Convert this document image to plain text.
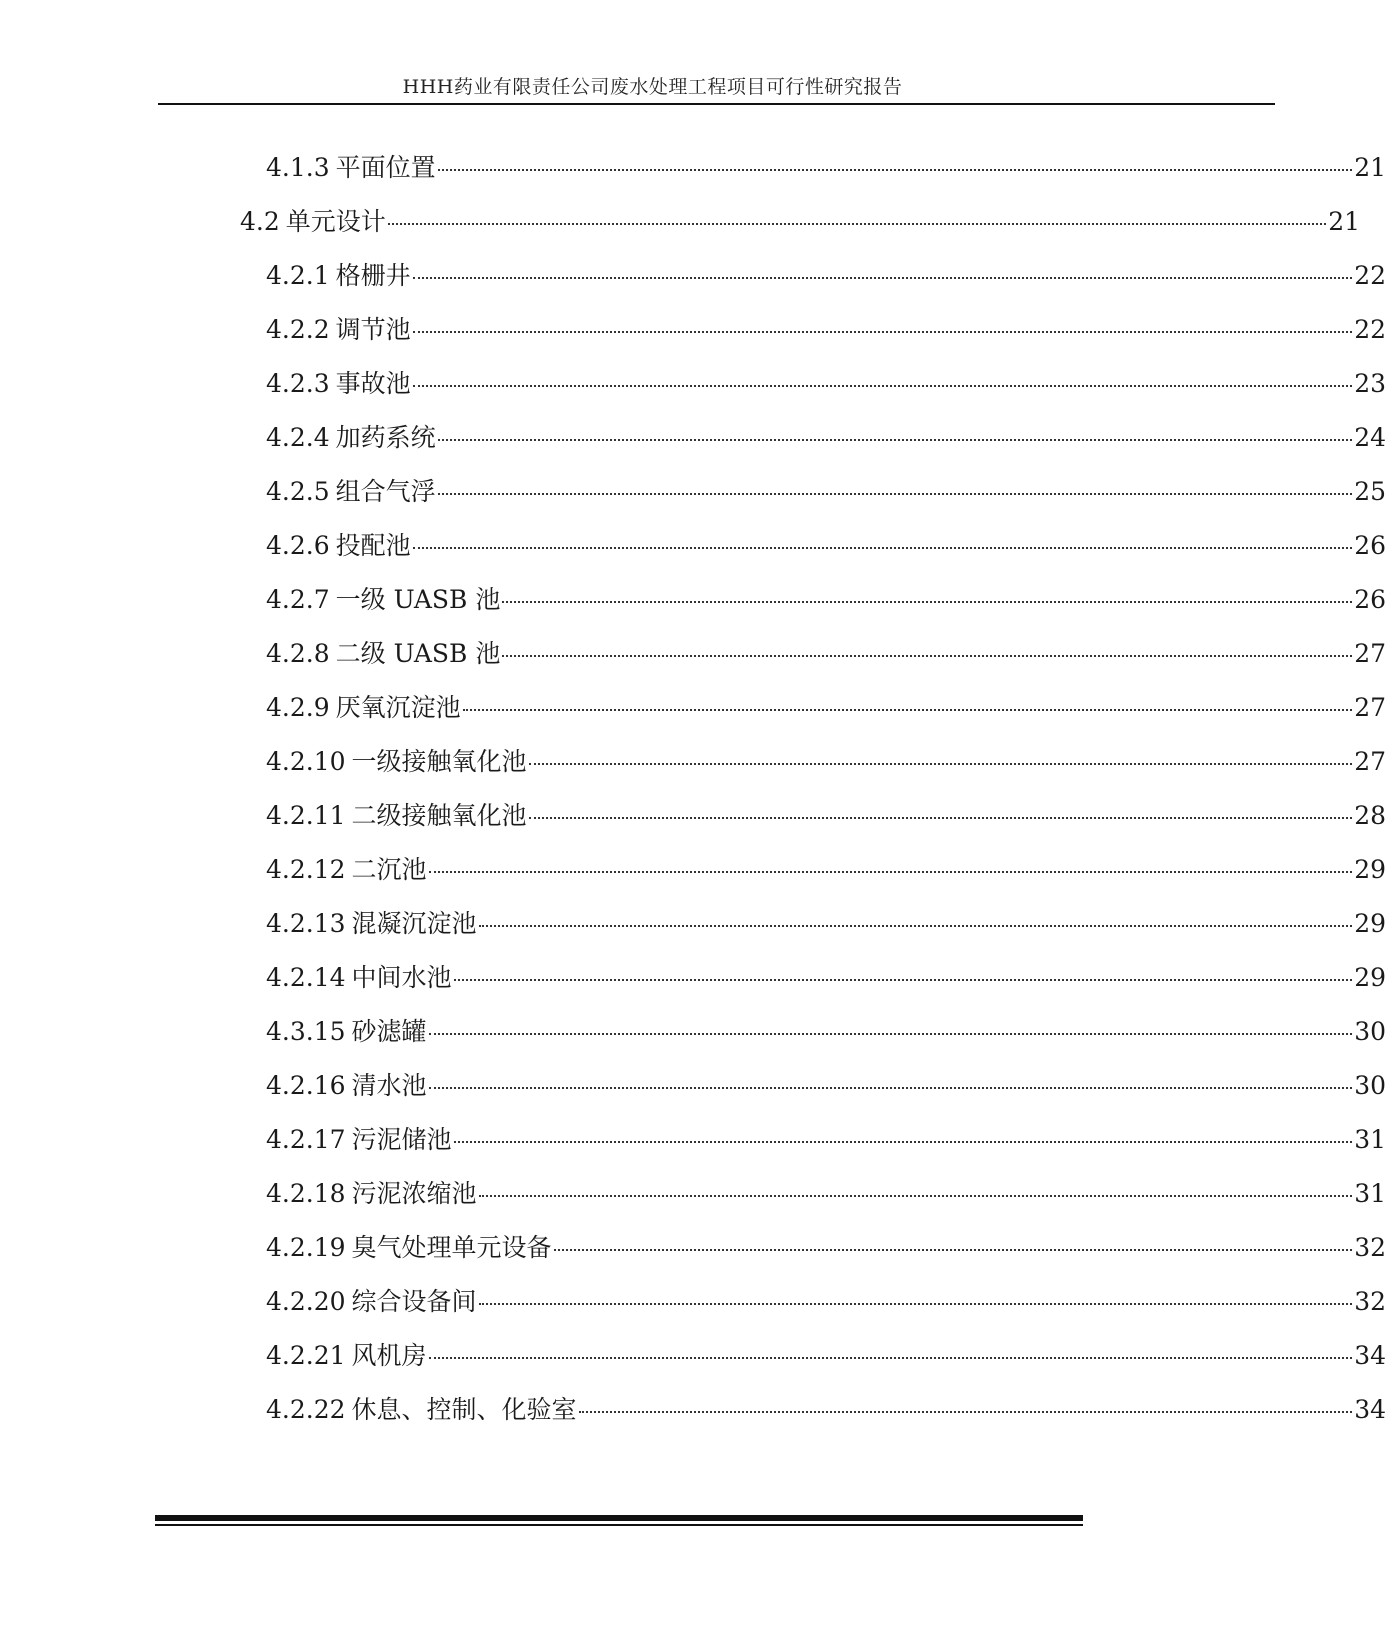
HHH药业有限责任公司废水处理工程项目可行性研究报告
4.1.3 平面位置	21
4.2 单元设计	21
4.2.1 格栅井	22
4.2.2 调节池	22
4.2.3 事故池	23
4.2.4 加药系统	24
4.2.5 组合气浮	25
4.2.6 投配池	26
4.2.7 一级 UASB 池	26
4.2.8 二级 UASB 池	27
4.2.9 厌氧沉淀池	27
4.2.10 一级接触氧化池	27
4.2.11 二级接触氧化池	28
4.2.12 二沉池	29
4.2.13 混凝沉淀池	29
4.2.14 中间水池	29
4.3.15 砂滤罐	30
4.2.16 清水池	30
4.2.17 污泥储池	31
4.2.18 污泥浓缩池	31
4.2.19 臭气处理单元设备	32
4.2.20 综合设备间	32
4.2.21 风机房	34
4.2.22 休息、控制、化验室	34
